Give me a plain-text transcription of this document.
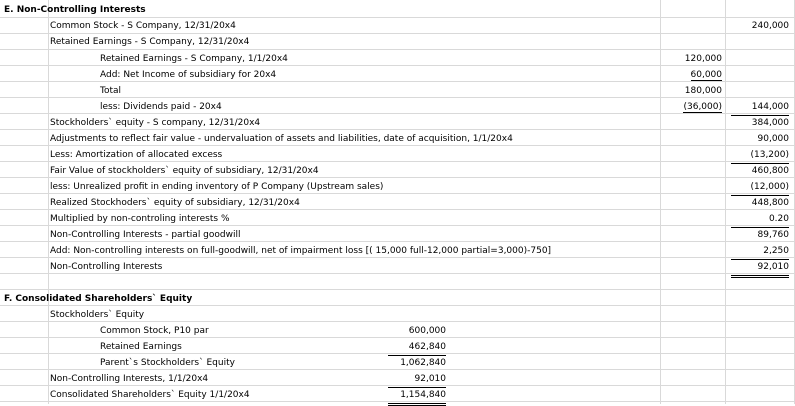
E. Non-Controlling Interests
Common Stock - S Company, 12/31/20x4	240,000
Retained Earnings - S Company, 12/31/20x4
Retained Earnings - S Company, 1/1/20x4	120,000
Add: Net Income of subsidiary for 20x4	60,000
Total	180,000
less: Dividends paid - 20x4	(36,000)	144,000
Stockholders` equity - S company, 12/31/20x4	384,000
Adjustments to reflect fair value - undervaluation of assets and liabilities, date of acquisition, 1/1/20x4	90,000
Less: Amortization of allocated excess	(13,200)
Fair Value of stockholders` equity of subsidiary, 12/31/20x4	460,800
less: Unrealized profit in ending inventory of P Company (Upstream sales)	(12,000)
Realized Stockhoders` equity of subsidiary, 12/31/20x4	448,800
Multiplied by non-controling interests %	0.20
Non-Controlling Interests - partial goodwill	89,760
Add: Non-controlling interests on full-goodwill, net of impairment loss [( 15,000 full-12,000 partial=3,000)-750]	2,250
Non-Controlling Interests	92,010
F. Consolidated Shareholders` Equity
Stockholders` Equity
Common Stock, P10 par	600,000
Retained Earnings	462,840
Parent`s Stockholders` Equity	1,062,840
Non-Controlling Interests, 1/1/20x4	92,010
Consolidated Shareholders` Equity 1/1/20x4	1,154,840
